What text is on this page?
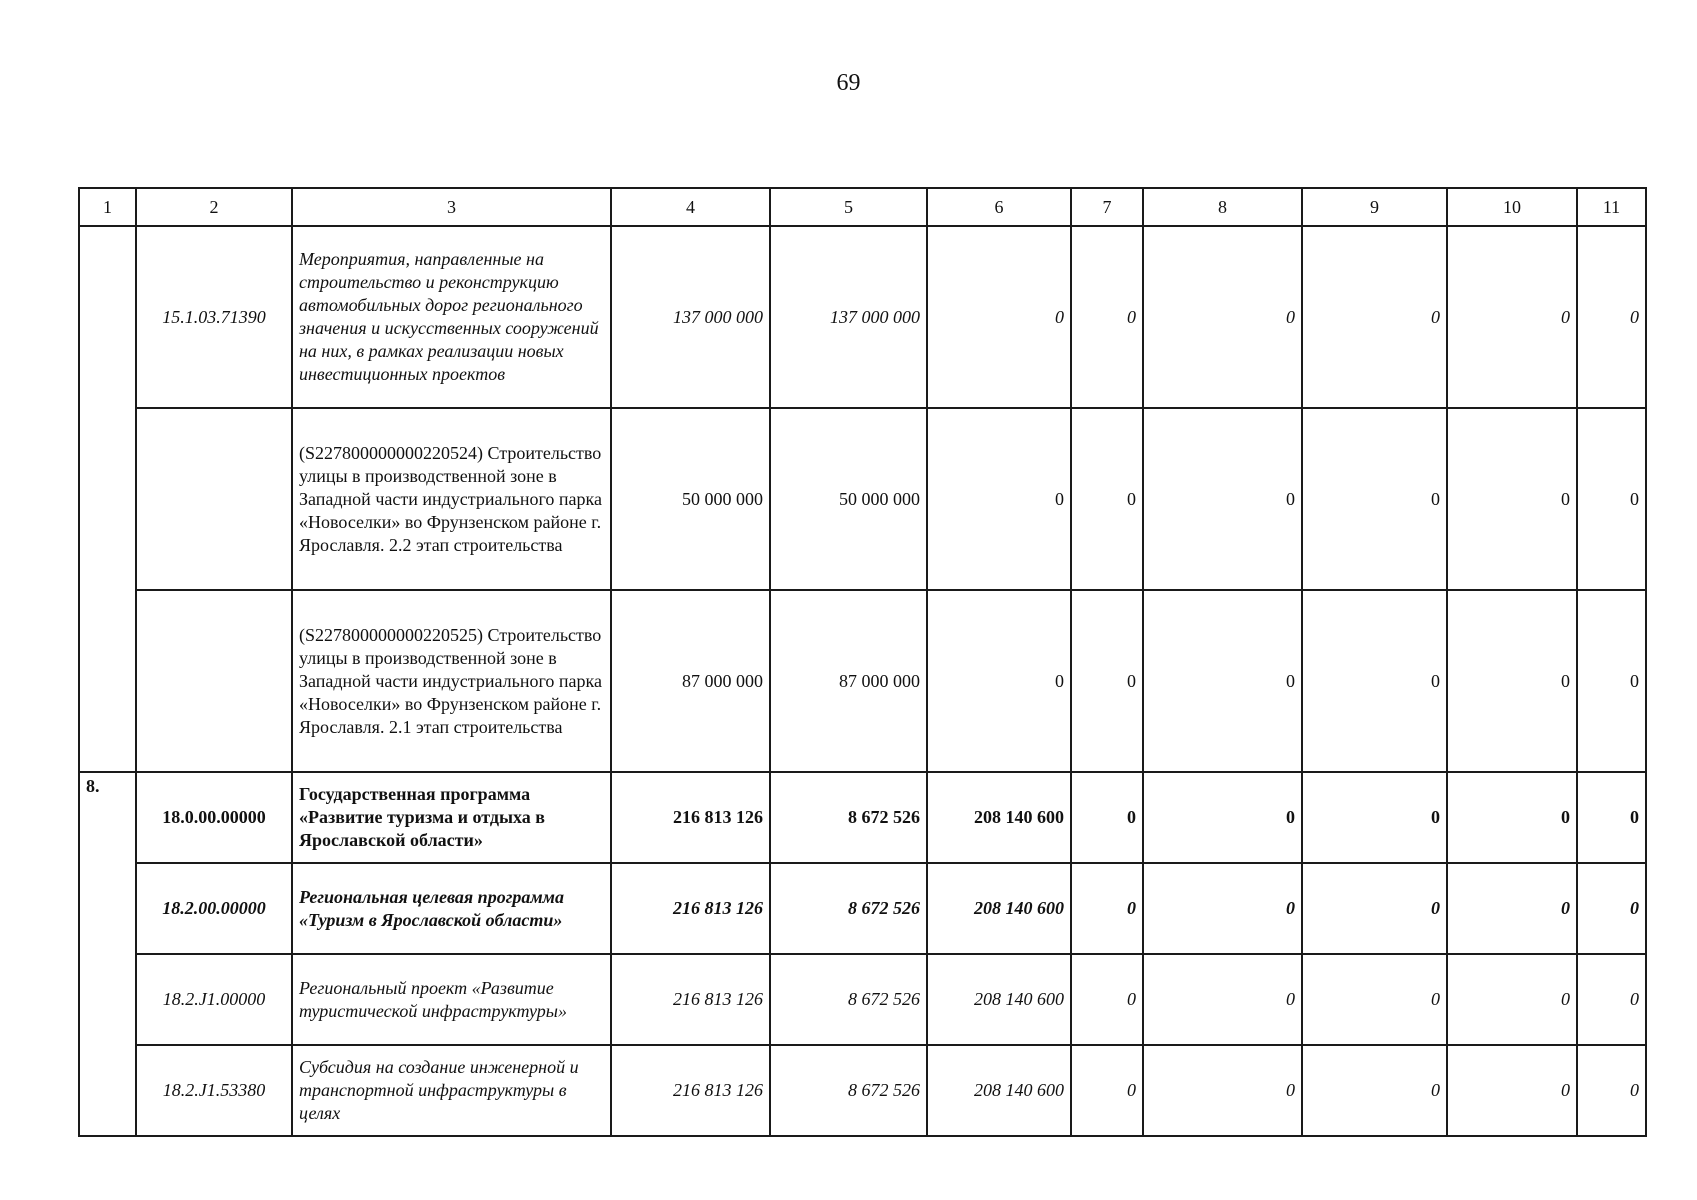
69
1	2	3	4	5	6	7	8	9	10	11
	15.1.03.71390	Мероприятия, направленные на строительство и реконструкцию автомобильных дорог регионального значения и искусственных сооружений на них, в рамках реализации новых инвестиционных проектов	137 000 000	137 000 000	0	0	0	0	0	0
		(S227800000000220524) Строительство улицы в производственной зоне в Западной части индустриального парка «Новоселки» во Фрунзенском районе г. Ярославля. 2.2 этап строительства	50 000 000	50 000 000	0	0	0	0	0	0
		(S227800000000220525) Строительство улицы в производственной зоне в Западной части индустриального парка «Новоселки» во Фрунзенском районе г. Ярославля. 2.1 этап строительства	87 000 000	87 000 000	0	0	0	0	0	0
8.	18.0.00.00000	Государственная программа «Развитие туризма и отдыха в Ярославской области»	216 813 126	8 672 526	208 140 600	0	0	0	0	0
	18.2.00.00000	Региональная целевая программа «Туризм в Ярославской области»	216 813 126	8 672 526	208 140 600	0	0	0	0	0
	18.2.J1.00000	Региональный проект «Развитие туристической инфраструктуры»	216 813 126	8 672 526	208 140 600	0	0	0	0	0
	18.2.J1.53380	Субсидия на создание инженерной и транспортной инфраструктуры в целях	216 813 126	8 672 526	208 140 600	0	0	0	0	0
